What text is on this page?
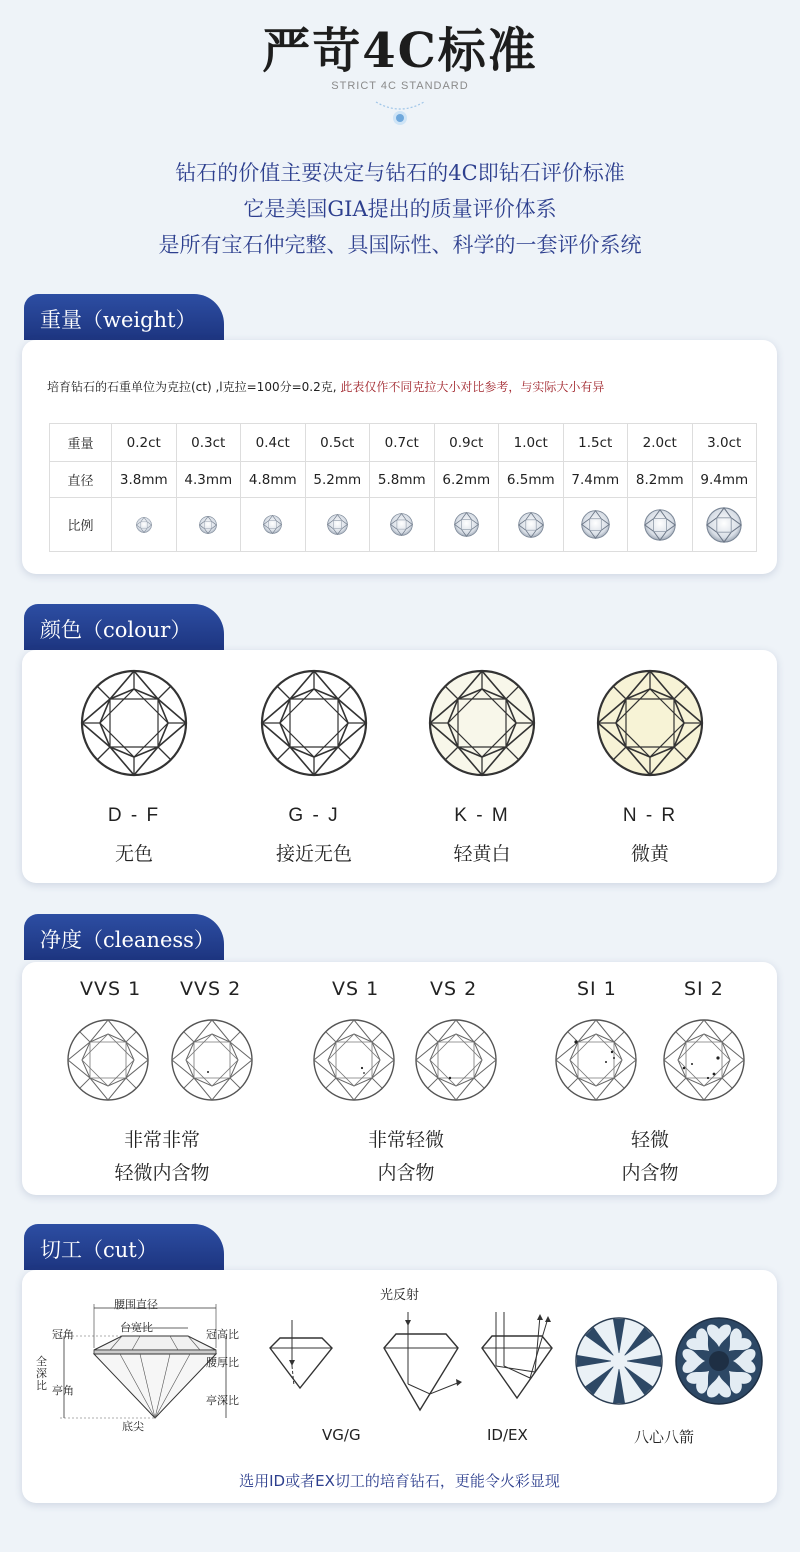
严苛4C标准
STRICT 4C STANDARD
钻石的价值主要决定与钻石的4C即钻石评价标准
它是美国GIA提出的质量评价体系
是所有宝石仲完整、具国际性、科学的一套评价系统
重量（weight）
培育钻石的石重单位为克拉(ct) ,l克拉=100分=0.2克, 此表仅作不同克拉大小对比参考，与实际大小有异
重量	0.2ct	0.3ct	0.4ct	0.5ct	0.7ct	0.9ct	1.0ct	1.5ct	2.0ct	3.0ct
直径	3.8mm	4.3mm	4.8mm	5.2mm	5.8mm	6.2mm	6.5mm	7.4mm	8.2mm	9.4mm
比例										
颜色（colour）
D - F
无色
G - J
接近无色
K - M
轻黄白
N - R
微黄
净度（cleaness）
VVS 1 VVS 2	VS 1	VS 2	SI 1	SI 2
非常非常
轻微内含物
非常轻微
内含物
轻微
内含物
切工（cut）
腰围直径
冠角
台宽比
冠高比
全深比
腰厚比
亭角
亭深比
底尖
光反射
VG/G	ID/EX	八心八箭
选用ID或者EX切工的培育钻石，更能令火彩显现
